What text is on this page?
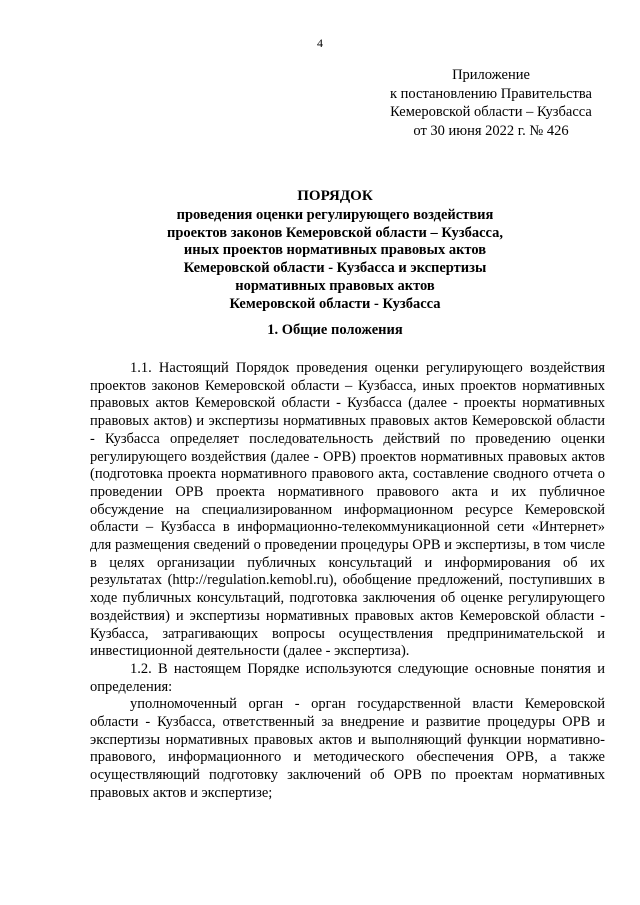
4
Приложение
к постановлению Правительства
Кемеровской области – Кузбасса
от 30 июня 2022 г. № 426
ПОРЯДОК
проведения оценки регулирующего воздействия
проектов законов Кемеровской области – Кузбасса,
иных проектов нормативных правовых актов
Кемеровской области - Кузбасса и экспертизы
нормативных правовых актов
Кемеровской области - Кузбасса
1. Общие положения

1.1. Настоящий Порядок проведения оценки регулирующего воздействия проектов законов Кемеровской области – Кузбасса, иных проектов нормативных правовых актов Кемеровской области - Кузбасса (далее - проекты нормативных правовых актов) и экспертизы нормативных правовых актов Кемеровской области - Кузбасса определяет последовательность действий по проведению оценки регулирующего воздействия (далее - ОРВ) проектов нормативных правовых актов (подготовка проекта нормативного правового акта, составление сводного отчета о проведении ОРВ проекта нормативного правового акта и их публичное обсуждение на специализированном информационном ресурсе Кемеровской области – Кузбасса в информационно-телекоммуникационной сети «Интернет» для размещения сведений о проведении процедуры ОРВ и экспертизы, в том числе в целях организации публичных консультаций и информирования об их результатах (http://regulation.kemobl.ru), обобщение предложений, поступивших в ходе публичных консультаций, подготовка заключения об оценке регулирующего воздействия) и экспертизы нормативных правовых актов Кемеровской области - Кузбасса, затрагивающих вопросы осуществления предпринимательской и инвестиционной деятельности (далее - экспертиза).

1.2. В настоящем Порядке используются следующие основные понятия и определения:

уполномоченный орган - орган государственной власти Кемеровской области - Кузбасса, ответственный за внедрение и развитие процедуры ОРВ и экспертизы нормативных правовых актов и выполняющий функции нормативно-правового, информационного и методического обеспечения ОРВ, а также осуществляющий подготовку заключений об ОРВ по проектам нормативных правовых актов и экспертизе;
